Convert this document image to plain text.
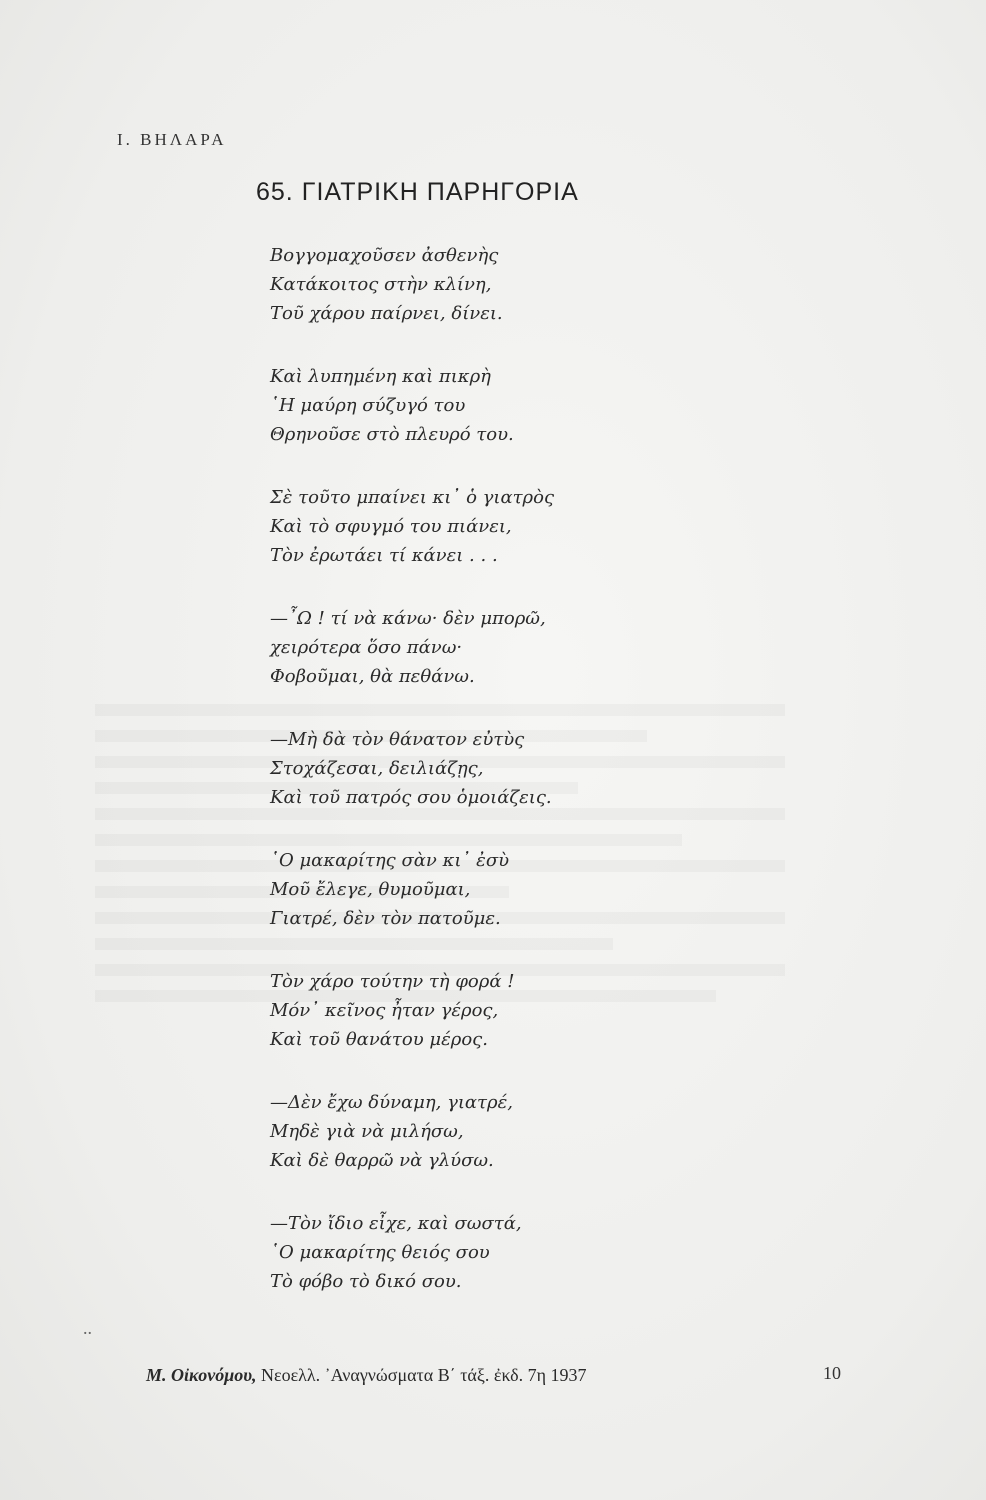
Ι. ΒΗΛΑΡΑ
65. ΓΙΑΤΡΙΚΗ ΠΑΡΗΓΟΡΙΑ
Βογγομαχοῦσεν ἀσθενὴς
Κατάκοιτος στὴν κλίνη,
Τοῦ χάρου παίρνει, δίνει.
Καὶ λυπημένη καὶ πικρὴ
῾Η μαύρη σύζυγό του
Θρηνοῦσε στὸ πλευρό του.
Σὲ τοῦτο μπαίνει κι᾿ ὁ γιατρὸς
Καὶ τὸ σφυγμό του πιάνει,
Τὸν ἐρωτάει τί κάνει . . .
—῏Ω ! τί νὰ κάνω· δὲν μπορῶ,
χειρότερα ὅσο πάνω·
Φοβοῦμαι, θὰ πεθάνω.
—Μὴ δὰ τὸν θάνατον εὐτὺς
Στοχάζεσαι, δειλιάζῃς,
Καὶ τοῦ πατρός σου ὁμοιάζεις.
῾Ο μακαρίτης σὰν κι᾿ ἐσὺ
Μοῦ ἔλεγε, θυμοῦμαι,
Γιατρέ, δὲν τὸν πατοῦμε.
Τὸν χάρο τούτην τὴ φορά !
Μόν᾿ κεῖνος ἦταν γέρος,
Καὶ τοῦ θανάτου μέρος.
—Δὲν ἔχω δύναμη, γιατρέ,
Μηδὲ γιὰ νὰ μιλήσω,
Καὶ δὲ θαρρῶ νὰ γλύσω.
—Τὸν ἴδιο εἶχε, καὶ σωστά,
῾Ο μακαρίτης θειός σου
Τὸ φόβο τὸ δικό σου.
..
Μ. Οἰκονόμου, Νεοελλ. ᾿Αναγνώσματα Β΄ τάξ. ἐκδ. 7η 1937	10
